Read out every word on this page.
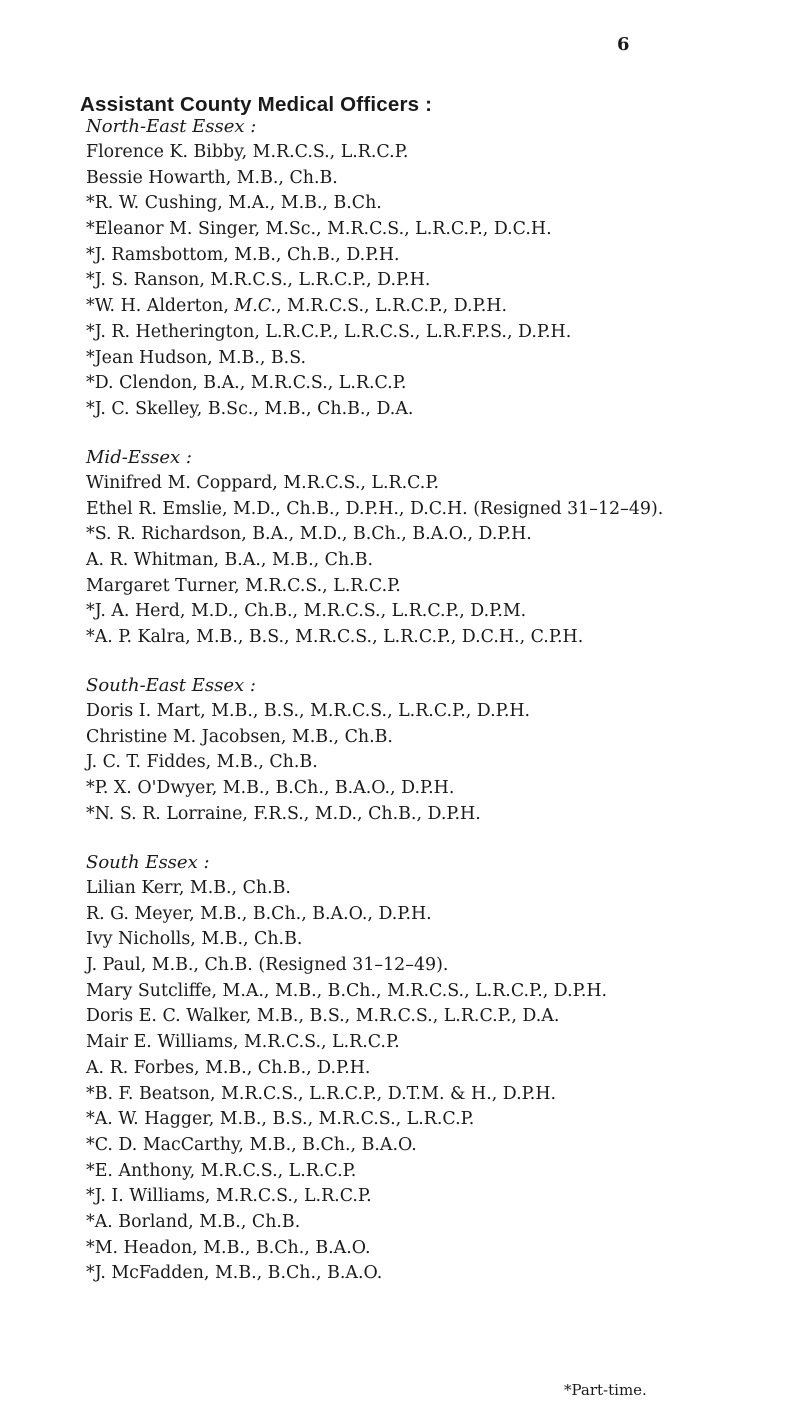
6
Assistant County Medical Officers :
North-East Essex :
Florence K. Bibby, M.R.C.S., L.R.C.P.
Bessie Howarth, M.B., Ch.B.
*R. W. Cushing, M.A., M.B., B.Ch.
*Eleanor M. Singer, M.Sc., M.R.C.S., L.R.C.P., D.C.H.
*J. Ramsbottom, M.B., Ch.B., D.P.H.
*J. S. Ranson, M.R.C.S., L.R.C.P., D.P.H.
*W. H. Alderton, M.C., M.R.C.S., L.R.C.P., D.P.H.
*J. R. Hetherington, L.R.C.P., L.R.C.S., L.R.F.P.S., D.P.H.
*Jean Hudson, M.B., B.S.
*D. Clendon, B.A., M.R.C.S., L.R.C.P.
*J. C. Skelley, B.Sc., M.B., Ch.B., D.A.
Mid-Essex :
Winifred M. Coppard, M.R.C.S., L.R.C.P.
Ethel R. Emslie, M.D., Ch.B., D.P.H., D.C.H. (Resigned 31–12–49).
*S. R. Richardson, B.A., M.D., B.Ch., B.A.O., D.P.H.
A. R. Whitman, B.A., M.B., Ch.B.
Margaret Turner, M.R.C.S., L.R.C.P.
*J. A. Herd, M.D., Ch.B., M.R.C.S., L.R.C.P., D.P.M.
*A. P. Kalra, M.B., B.S., M.R.C.S., L.R.C.P., D.C.H., C.P.H.
South-East Essex :
Doris I. Mart, M.B., B.S., M.R.C.S., L.R.C.P., D.P.H.
Christine M. Jacobsen, M.B., Ch.B.
J. C. T. Fiddes, M.B., Ch.B.
*P. X. O'Dwyer, M.B., B.Ch., B.A.O., D.P.H.
*N. S. R. Lorraine, F.R.S., M.D., Ch.B., D.P.H.
South Essex :
Lilian Kerr, M.B., Ch.B.
R. G. Meyer, M.B., B.Ch., B.A.O., D.P.H.
Ivy Nicholls, M.B., Ch.B.
J. Paul, M.B., Ch.B. (Resigned 31–12–49).
Mary Sutcliffe, M.A., M.B., B.Ch., M.R.C.S., L.R.C.P., D.P.H.
Doris E. C. Walker, M.B., B.S., M.R.C.S., L.R.C.P., D.A.
Mair E. Williams, M.R.C.S., L.R.C.P.
A. R. Forbes, M.B., Ch.B., D.P.H.
*B. F. Beatson, M.R.C.S., L.R.C.P., D.T.M. & H., D.P.H.
*A. W. Hagger, M.B., B.S., M.R.C.S., L.R.C.P.
*C. D. MacCarthy, M.B., B.Ch., B.A.O.
*E. Anthony, M.R.C.S., L.R.C.P.
*J. I. Williams, M.R.C.S., L.R.C.P.
*A. Borland, M.B., Ch.B.
*M. Headon, M.B., B.Ch., B.A.O.
*J. McFadden, M.B., B.Ch., B.A.O.
*Part-time.
